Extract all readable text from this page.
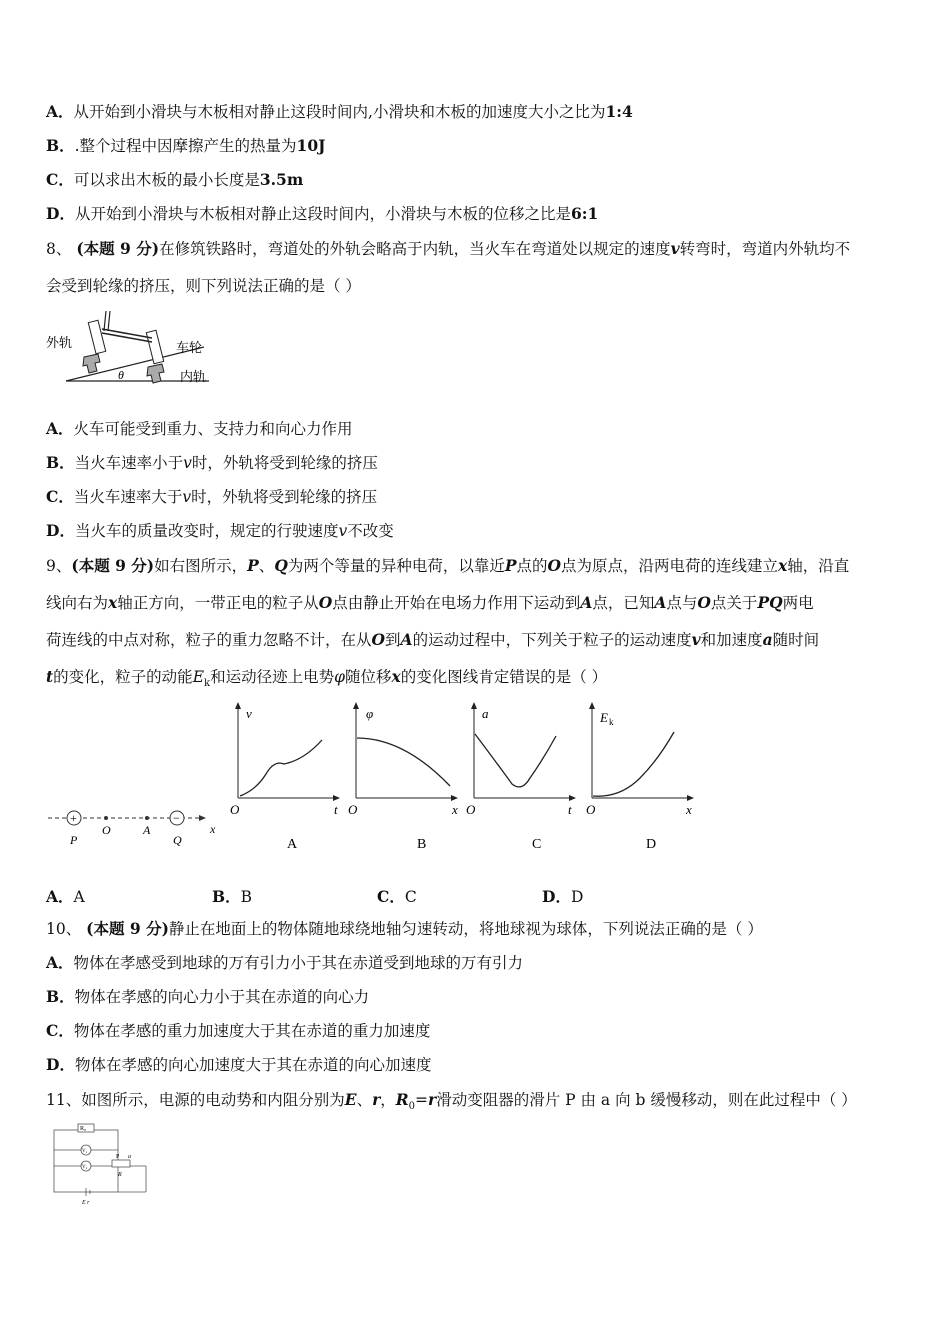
A．从开始到小滑块与木板相对静止这段时间内,小滑块和木板的加速度大小之比为1:4
B．.整个过程中因摩擦产生的热量为10J
C．可以求出木板的最小长度是3.5m
D．从开始到小滑块与木板相对静止这段时间内，小滑块与木板的位移之比是6:1
8、 (本题 9 分)在修筑铁路时，弯道处的外轨会略高于内轨，当火车在弯道处以规定的速度v转弯时，弯道内外轨均不
会受到轮缘的挤压，则下列说法正确的是（ ）
外轨	车轮
内轨
θ
A．火车可能受到重力、支持力和向心力作用
B．当火车速率小于v时，外轨将受到轮缘的挤压
C．当火车速率大于v时，外轨将受到轮缘的挤压
D．当火车的质量改变时，规定的行驶速度v不改变
9、(本题 9 分)如右图所示，P、Q为两个等量的异种电荷，以靠近P点的O点为原点，沿两电荷的连线建立x轴，沿直
线向右为x轴正方向，一带正电的粒子从O点由静止开始在电场力作用下运动到A点，已知A点与O点关于PQ两电
荷连线的中点对称，粒子的重力忽略不计，在从O到A的运动过程中，下列关于粒子的运动速度v和加速度a随时间
t的变化，粒子的动能$E_k$和运动径迹上电势φ随位移x的变化图线肯定错误的是（ ）
+	−
P
O	A
Q
x
v
O	t
A
φ
O	x
B
a
O	t
C
E k
O	x
D
A．A	B．B	C．C	D．D
10、 (本题 9 分)静止在地面上的物体随地球绕地轴匀速转动，将地球视为球体，下列说法正确的是（ ）
A．物体在孝感受到地球的万有引力小于其在赤道受到地球的万有引力
B．物体在孝感的向心力小于其在赤道的向心力
C．物体在孝感的重力加速度大于其在赤道的重力加速度
D．物体在孝感的向心加速度大于其在赤道的向心加速度
11、如图所示，电源的电动势和内阻分别为E、r，$R_0=r$滑动变阻器的滑片 P 由 a 向 b 缓慢移动，则在此过程中（ ）
R₀
V₁
V₂
P a
R
E r
